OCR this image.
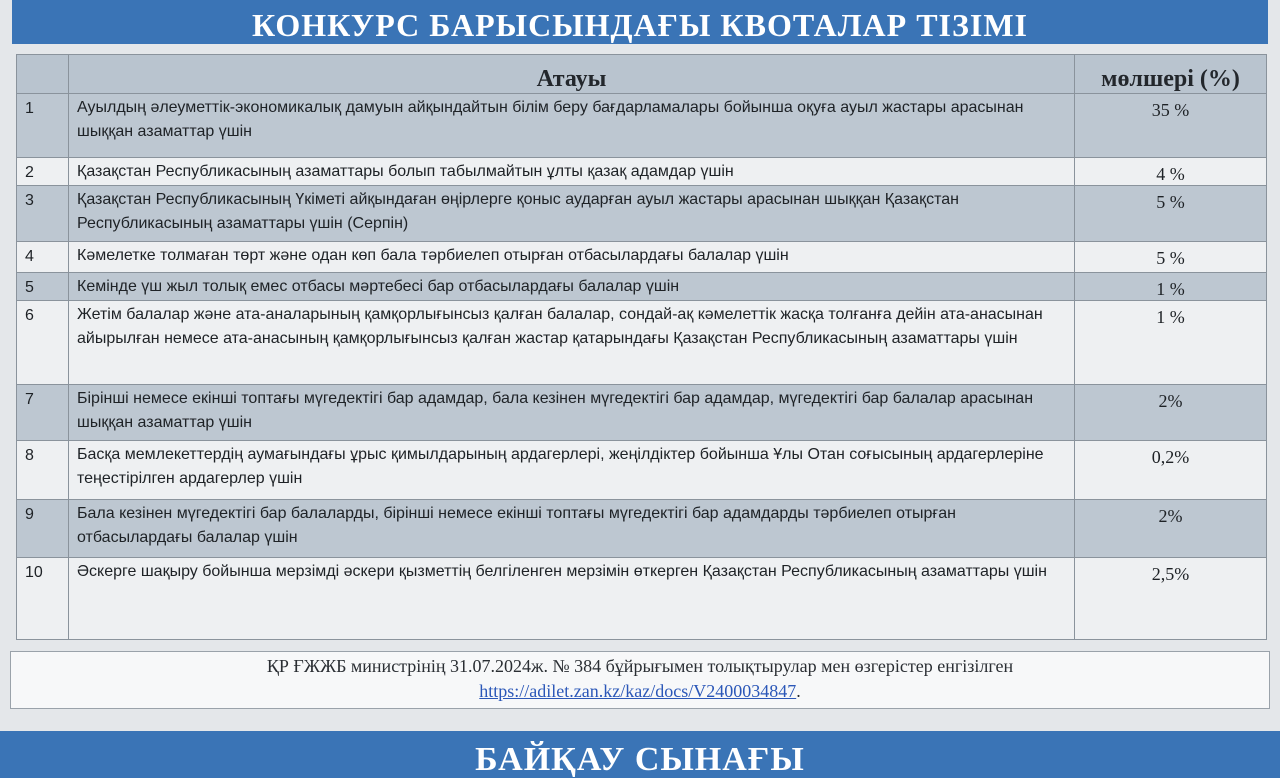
КОНКУРС БАРЫСЫНДАҒЫ КВОТАЛАР ТІЗІМІ
	Атауы	мөлшері (%)
1	Ауылдың әлеуметтік-экономикалық дамуын айқындайтын білім беру бағдарламалары бойынша оқуға ауыл жастары арасынан шыққан азаматтар үшін	35 %
2	Қазақстан Республикасының азаматтары болып табылмайтын ұлты қазақ адамдар үшін	4 %
3	Қазақстан Республикасының Үкіметі айқындаған өңірлерге қоныс аударған ауыл жастары арасынан шыққан Қазақстан Республикасының азаматтары үшін (Серпін)	5 %
4	Кәмелетке толмаған төрт және одан көп бала тәрбиелеп отырған отбасылардағы балалар үшін	5 %
5	Кемінде үш жыл толық емес отбасы мәртебесі бар отбасылардағы балалар үшін	1 %
6	Жетім балалар және ата-аналарының қамқорлығынсыз қалған балалар, сондай-ақ кәмелеттік жасқа толғанға дейін ата-анасынан айырылған немесе ата-анасының қамқорлығынсыз қалған жастар қатарындағы Қазақстан Республикасының азаматтары үшін	1 %
7	Бірінші немесе екінші топтағы мүгедектігі бар адамдар, бала кезінен мүгедектігі бар адамдар, мүгедектігі бар балалар арасынан шыққан азаматтар үшін	2%
8	Басқа мемлекеттердің аумағындағы ұрыс қимылдарының ардагерлері, жеңілдіктер бойынша Ұлы Отан соғысының ардагерлеріне теңестірілген ардагерлер үшін	0,2%
9	Бала кезінен мүгедектігі бар балаларды, бірінші немесе екінші топтағы мүгедектігі бар адамдарды тәрбиелеп отырған отбасылардағы балалар үшін	2%
10	Әскерге шақыру бойынша мерзімді әскери қызметтің белгіленген мерзімін өткерген Қазақстан Республикасының азаматтары үшін	2,5%
ҚР ҒЖЖБ министрінің 31.07.2024ж. № 384 бұйрығымен толықтырулар мен өзгерістер енгізілген
https://adilet.zan.kz/kaz/docs/V2400034847.
БАЙҚАУ СЫНАҒЫ
